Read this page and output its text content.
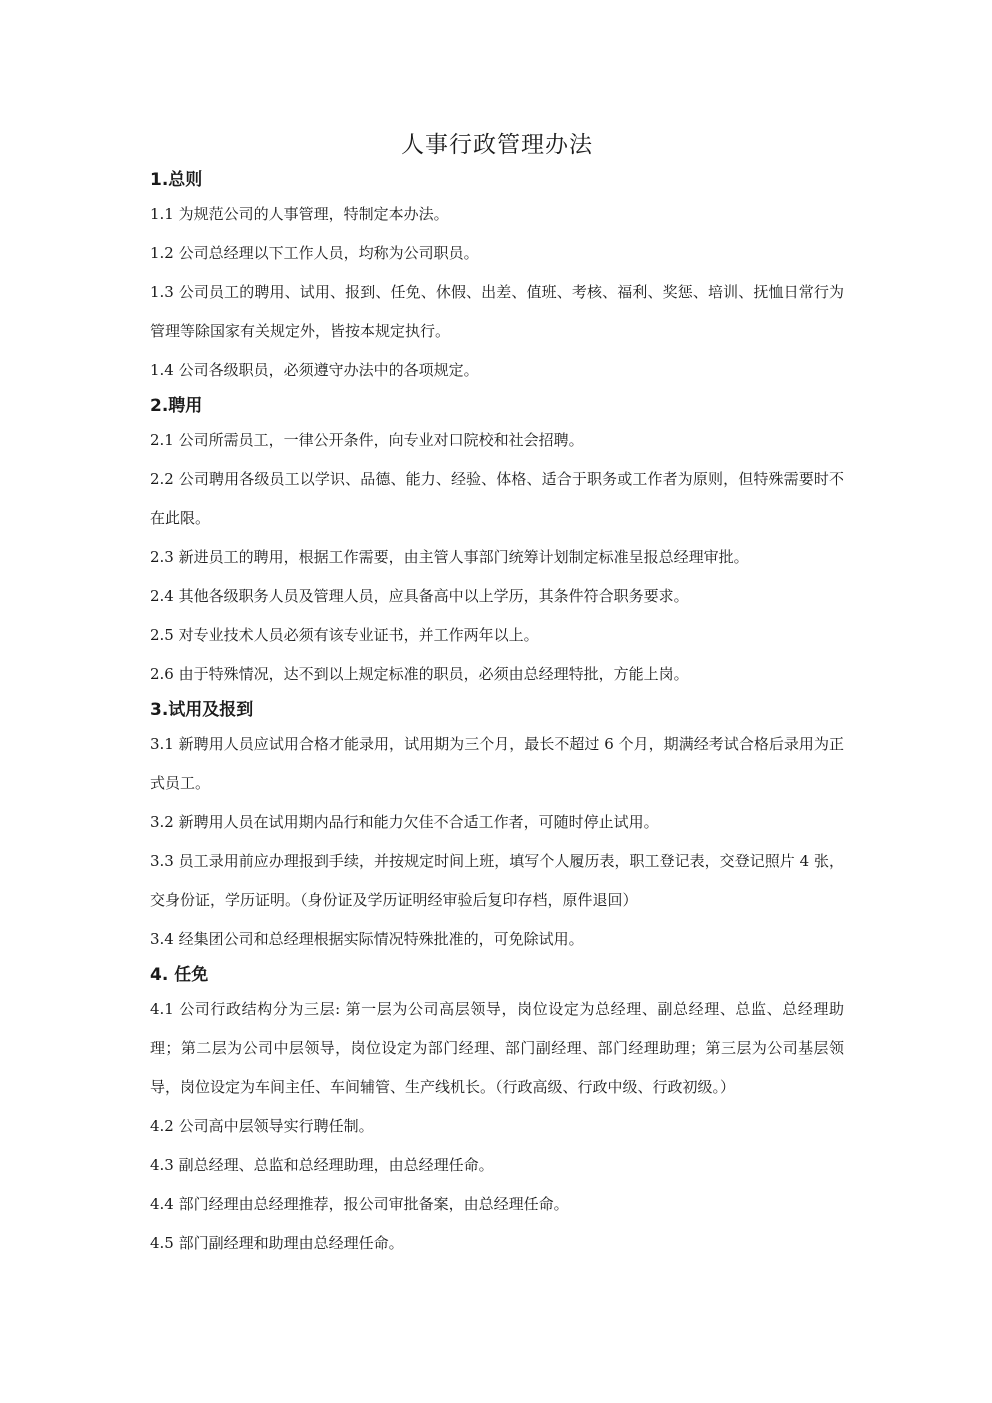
人事行政管理办法
1.总则

1.1 为规范公司的人事管理，特制定本办法。

1.2 公司总经理以下工作人员，均称为公司职员。

1.3 公司员工的聘用、试用、报到、任免、休假、出差、值班、考核、福利、奖惩、培训、抚恤日常行为管理等除国家有关规定外，皆按本规定执行。

1.4 公司各级职员，必须遵守办法中的各项规定。

2.聘用

2.1 公司所需员工，一律公开条件，向专业对口院校和社会招聘。

2.2 公司聘用各级员工以学识、品德、能力、经验、体格、适合于职务或工作者为原则，但特殊需要时不在此限。

2.3 新进员工的聘用，根据工作需要，由主管人事部门统筹计划制定标准呈报总经理审批。

2.4 其他各级职务人员及管理人员，应具备高中以上学历，其条件符合职务要求。

2.5 对专业技术人员必须有该专业证书，并工作两年以上。

2.6 由于特殊情况，达不到以上规定标准的职员，必须由总经理特批，方能上岗。

3.试用及报到

3.1 新聘用人员应试用合格才能录用，试用期为三个月，最长不超过 6 个月，期满经考试合格后录用为正式员工。

3.2 新聘用人员在试用期内品行和能力欠佳不合适工作者，可随时停止试用。

3.3 员工录用前应办理报到手续，并按规定时间上班，填写个人履历表，职工登记表，交登记照片 4 张，交身份证，学历证明。（身份证及学历证明经审验后复印存档，原件退回）

3.4 经集团公司和总经理根据实际情况特殊批准的，可免除试用。

4. 任免

4.1 公司行政结构分为三层: 第一层为公司高层领导，岗位设定为总经理、副总经理、总监、总经理助理；第二层为公司中层领导，岗位设定为部门经理、部门副经理、部门经理助理；第三层为公司基层领导，岗位设定为车间主任、车间辅管、生产线机长。（行政高级、行政中级、行政初级。）

4.2 公司高中层领导实行聘任制。

4.3 副总经理、总监和总经理助理，由总经理任命。

4.4 部门经理由总经理推荐，报公司审批备案，由总经理任命。

4.5 部门副经理和助理由总经理任命。
